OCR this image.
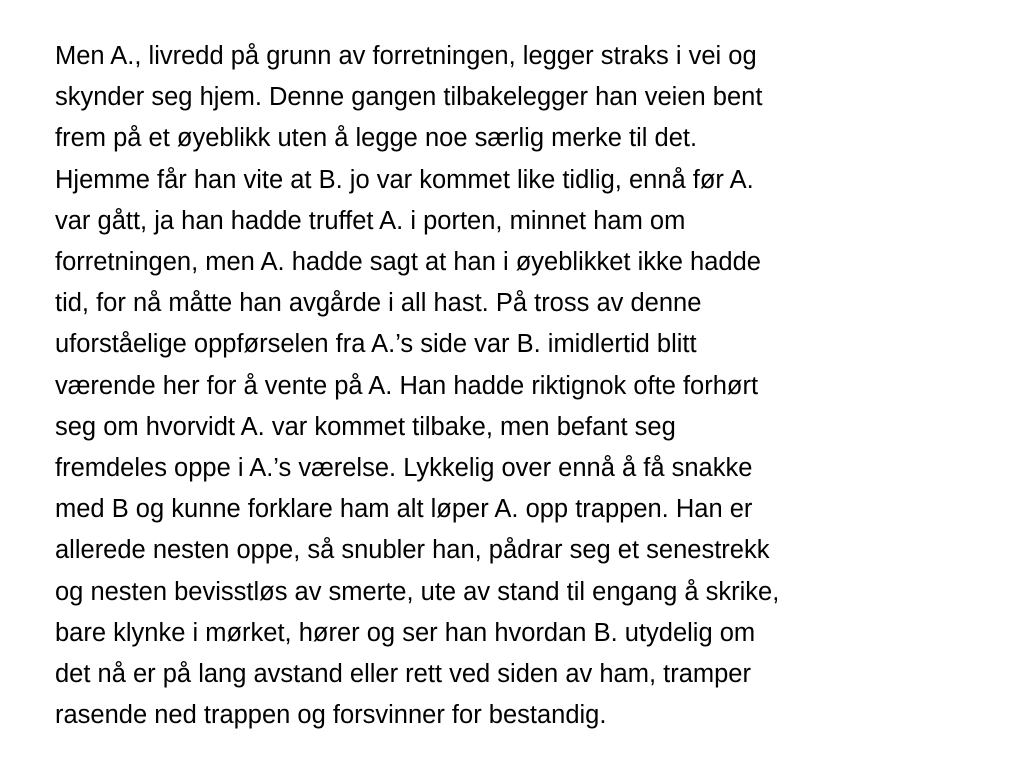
Men A., livredd på grunn av forretningen, legger straks i vei og
skynder seg hjem. Denne gangen tilbakelegger han veien bent
frem på et øyeblikk uten å legge noe særlig merke til det.
Hjemme får han vite at B. jo var kommet like tidlig, ennå før A.
var gått, ja han hadde truffet A. i porten, minnet ham om
forretningen, men A. hadde sagt at han i øyeblikket ikke hadde
tid, for nå måtte han avgårde i all hast. På tross av denne
uforståelige oppførselen fra A.’s side var B. imidlertid blitt
værende her for å vente på A. Han hadde riktignok ofte forhørt
seg om hvorvidt A. var kommet tilbake, men befant seg
fremdeles oppe i A.’s værelse. Lykkelig over ennå å få snakke
med B og kunne forklare ham alt løper A. opp trappen. Han er
allerede nesten oppe, så snubler han, pådrar seg et senestrekk
og nesten bevisstløs av smerte, ute av stand til engang å skrike,
bare klynke i mørket, hører og ser han hvordan B. utydelig om
det nå er på lang avstand eller rett ved siden av ham, tramper
rasende ned trappen og forsvinner for bestandig.
